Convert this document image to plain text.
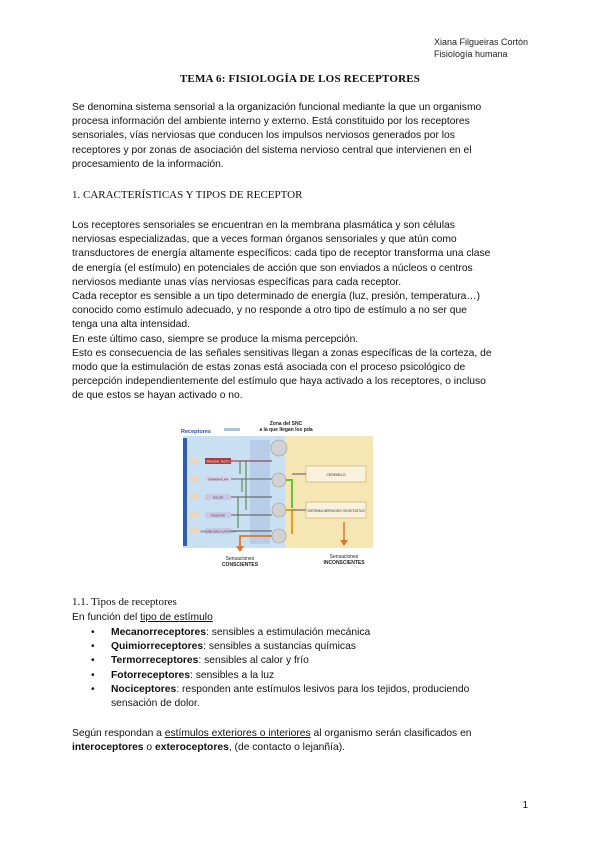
Xiana Filgueiras Cortón
Fisiología humana
TEMA 6: FISIOLOGÍA DE LOS RECEPTORES
Se denomina sistema sensorial a la organización funcional mediante la que un organismo
procesa información del ambiente interno y externo. Está constituido por los receptores
sensoriales, vías nerviosas que conducen los impulsos nerviosos generados por los
receptores y por zonas de asociación del sistema nervioso central que intervienen en el
procesamiento de la información.
1. CARACTERÍSTICAS Y TIPOS DE RECEPTOR
Los receptores sensoriales se encuentran en la membrana plasmática y son células
nerviosas especializadas, que a veces forman órganos sensoriales y que atún como
transductores de energía altamente específicos: cada tipo de receptor transforma una clase
de energía (el estímulo) en potenciales de acción que son enviados a núcleos o centros
nerviosos mediante unas vías nerviosas específicas para cada receptor.
Cada receptor es sensible a un tipo determinado de energía (luz, presión, temperatura…)
conocido como estímulo adecuado, y no responde a otro tipo de estímulo a no ser que
tenga una alta intensidad.
En este último caso, siempre se produce la misma percepción.
Esto es consecuencia de las señales sensitivas llegan a zonas específicas de la corteza, de
modo que la estimulación de estas zonas está asociada con el proceso psicológico de
percepción independientemente del estímulo que haya activado a los receptores, o incluso
de que estos se hayan activado o no.
Receptores
Zona del SNC
a la que llegan los pda
PRESIÓN, TACTO
TEMPERATURA
DOLOR
POSICIÓN
SENSIBILIDAD GUSTATIVA
CEREBELO
SISTEMA NERVIOSO VEGETATIVO
Sensaciones
CONSCIENTES
Sensaciones
INCONSCIENTES
1.1. Tipos de receptores
En función del tipo de estímulo
• Mecanorreceptores: sensibles a estimulación mecánica
• Quimiorreceptores: sensibles a sustancias químicas
• Termorreceptores: sensibles al calor y frío
• Fotorreceptores: sensibles a la luz
• Nociceptores: responden ante estímulos lesivos para los tejidos, produciendo
sensación de dolor.
Según respondan a estímulos exteriores o interiores al organismo serán clasificados en
interoceptores o exteroceptores, (de contacto o lejanñía).
1
